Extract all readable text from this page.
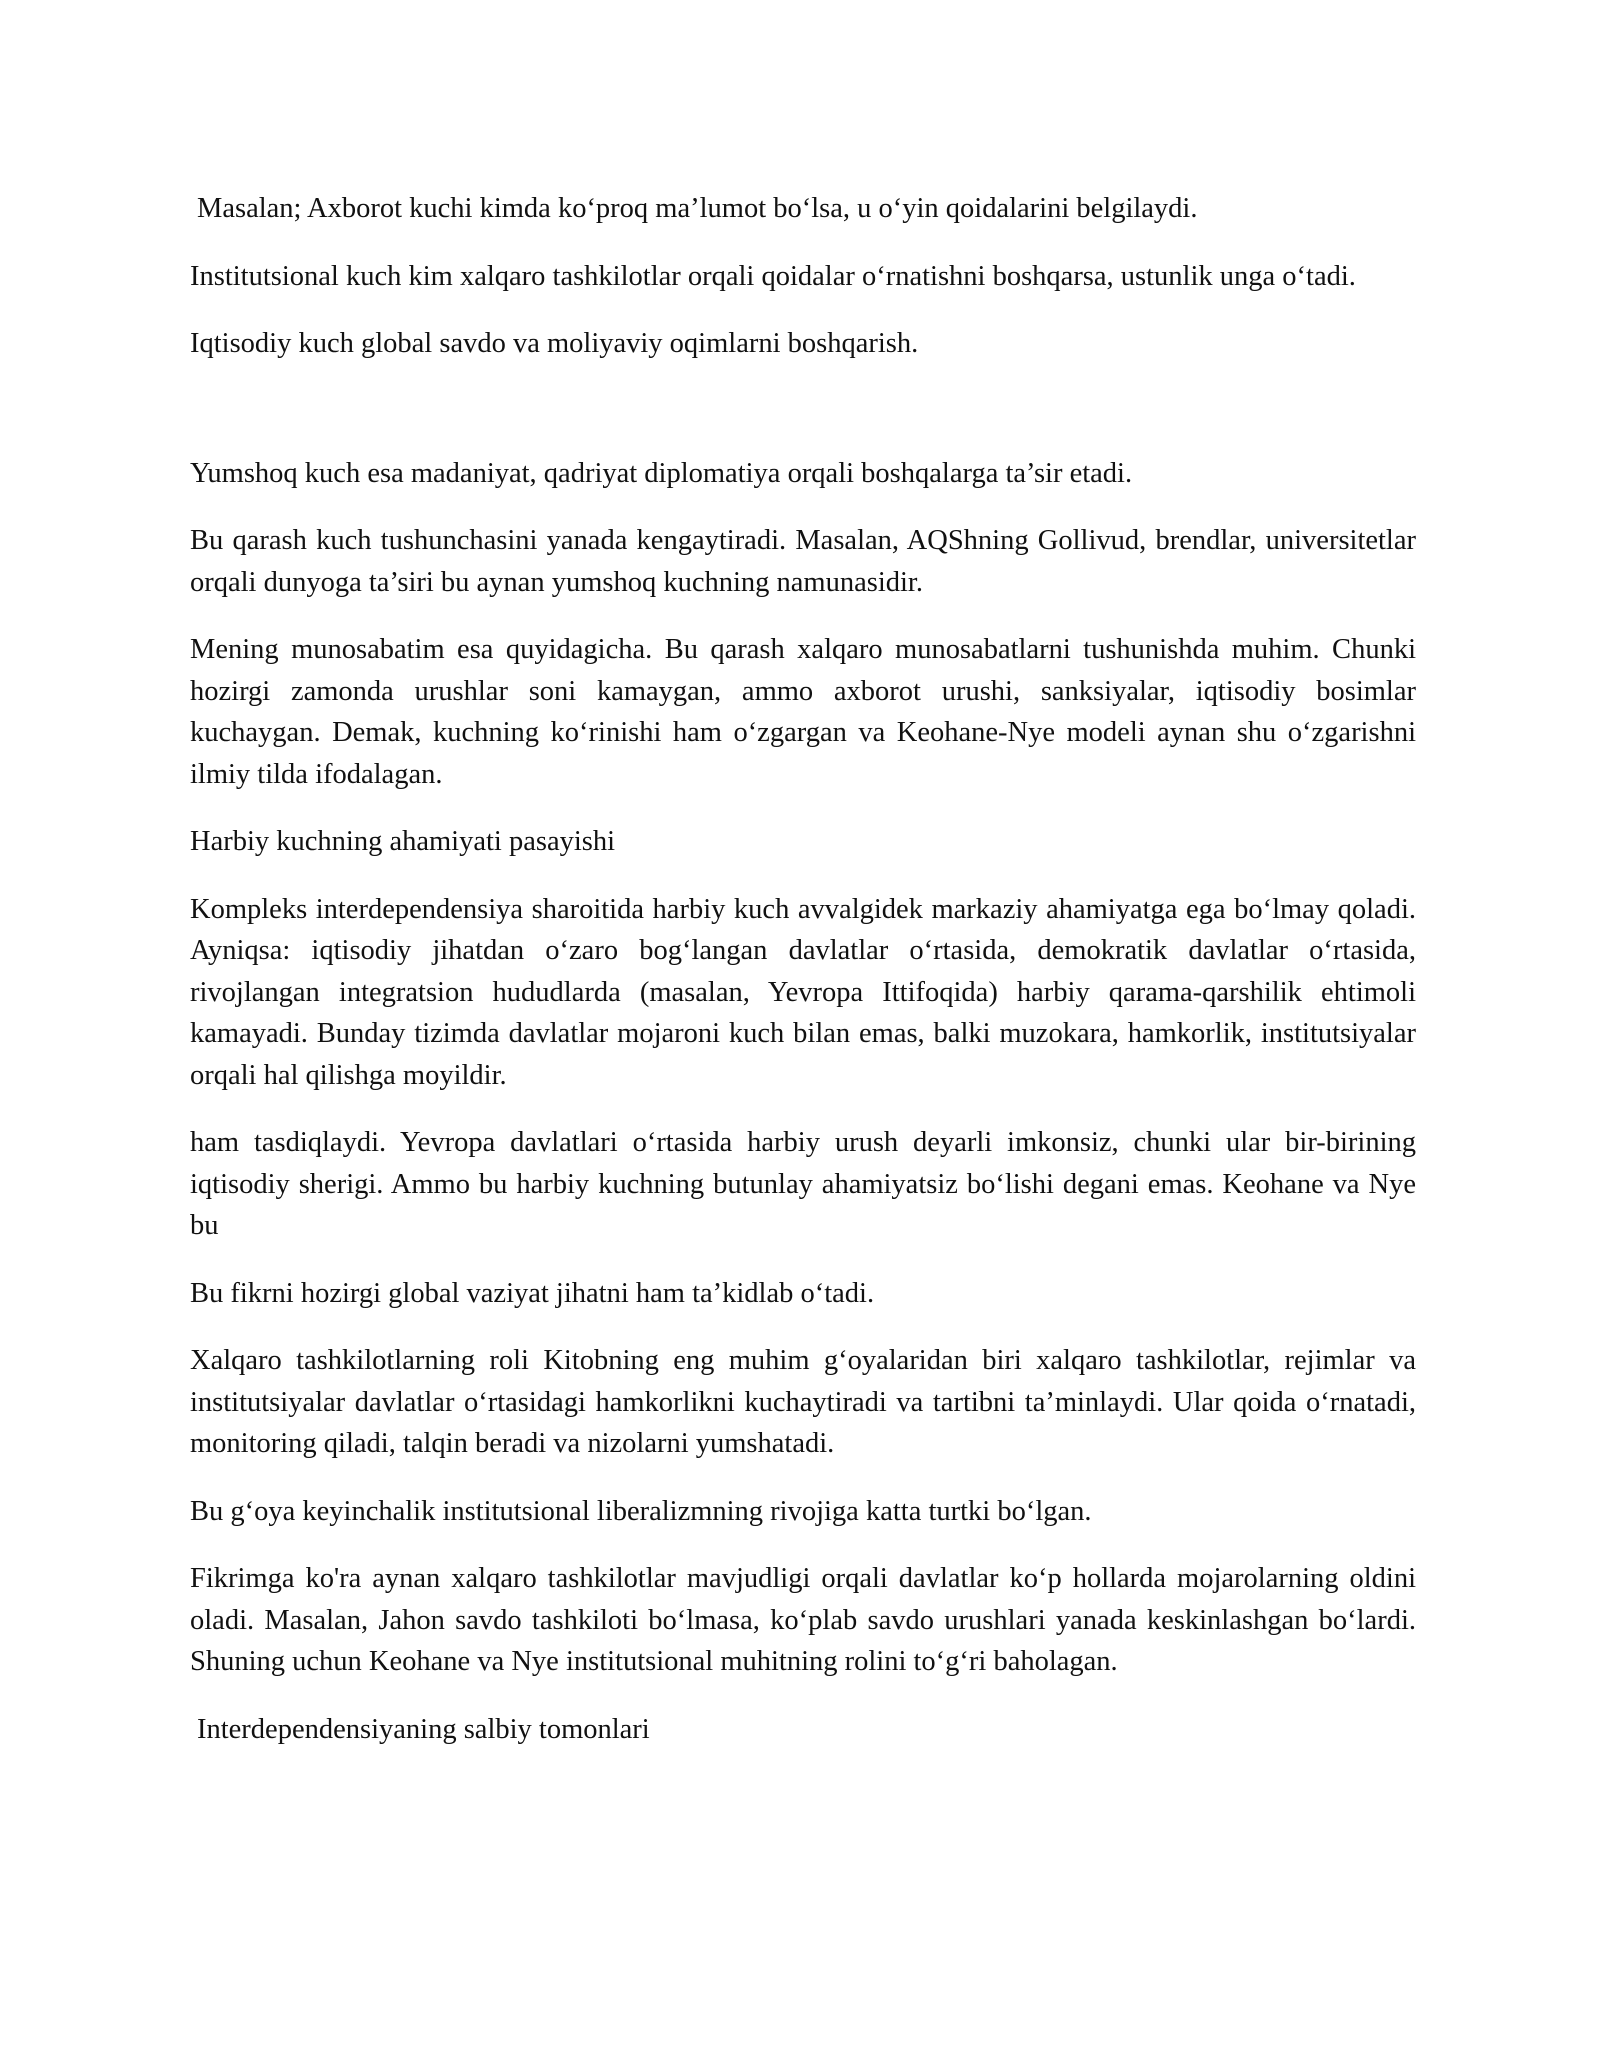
Masalan; Axborot kuchi kimda ko‘proq ma’lumot bo‘lsa, u o‘yin qoidalarini belgilaydi.

Institutsional kuch kim xalqaro tashkilotlar orqali qoidalar o‘rnatishni boshqarsa, ustunlik unga o‘tadi.

Iqtisodiy kuch global savdo va moliyaviy oqimlarni boshqarish.

Yumshoq kuch esa madaniyat, qadriyat diplomatiya orqali boshqalarga ta’sir etadi.

Bu qarash kuch tushunchasini yanada kengaytiradi. Masalan, AQShning Gollivud, brendlar, universitetlar orqali dunyoga ta’siri bu aynan yumshoq kuchning namunasidir.

Mening munosabatim esa quyidagicha. Bu qarash xalqaro munosabatlarni tushunishda muhim. Chunki hozirgi zamonda urushlar soni kamaygan, ammo axborot urushi, sanksiyalar, iqtisodiy bosimlar kuchaygan. Demak, kuchning ko‘rinishi ham o‘zgargan va Keohane-Nye modeli aynan shu o‘zgarishni ilmiy tilda ifodalagan.

Harbiy kuchning ahamiyati pasayishi

Kompleks interdependensiya sharoitida harbiy kuch avvalgidek markaziy ahamiyatga ega bo‘lmay qoladi. Ayniqsa: iqtisodiy jihatdan o‘zaro bog‘langan davlatlar o‘rtasida, demokratik davlatlar o‘rtasida, rivojlangan integratsion hududlarda (masalan, Yevropa Ittifoqida) harbiy qarama-qarshilik ehtimoli kamayadi. Bunday tizimda davlatlar mojaroni kuch bilan emas, balki muzokara, hamkorlik, institutsiyalar orqali hal qilishga moyildir.

ham tasdiqlaydi. Yevropa davlatlari o‘rtasida harbiy urush deyarli imkonsiz, chunki ular bir-birining iqtisodiy sherigi. Ammo bu harbiy kuchning butunlay ahamiyatsiz bo‘lishi degani emas. Keohane va Nye bu

Bu fikrni hozirgi global vaziyat jihatni ham ta’kidlab o‘tadi.

Xalqaro tashkilotlarning roli Kitobning eng muhim g‘oyalaridan biri xalqaro tashkilotlar, rejimlar va institutsiyalar davlatlar o‘rtasidagi hamkorlikni kuchaytiradi va tartibni ta’minlaydi. Ular qoida o‘rnatadi, monitoring qiladi, talqin beradi va nizolarni yumshatadi.

Bu g‘oya keyinchalik institutsional liberalizmning rivojiga katta turtki bo‘lgan.

Fikrimga ko'ra aynan xalqaro tashkilotlar mavjudligi orqali davlatlar ko‘p hollarda mojarolarning oldini oladi. Masalan, Jahon savdo tashkiloti bo‘lmasa, ko‘plab savdo urushlari yanada keskinlashgan bo‘lardi. Shuning uchun Keohane va Nye institutsional muhitning rolini to‘g‘ri baholagan.

Interdependensiyaning salbiy tomonlari
